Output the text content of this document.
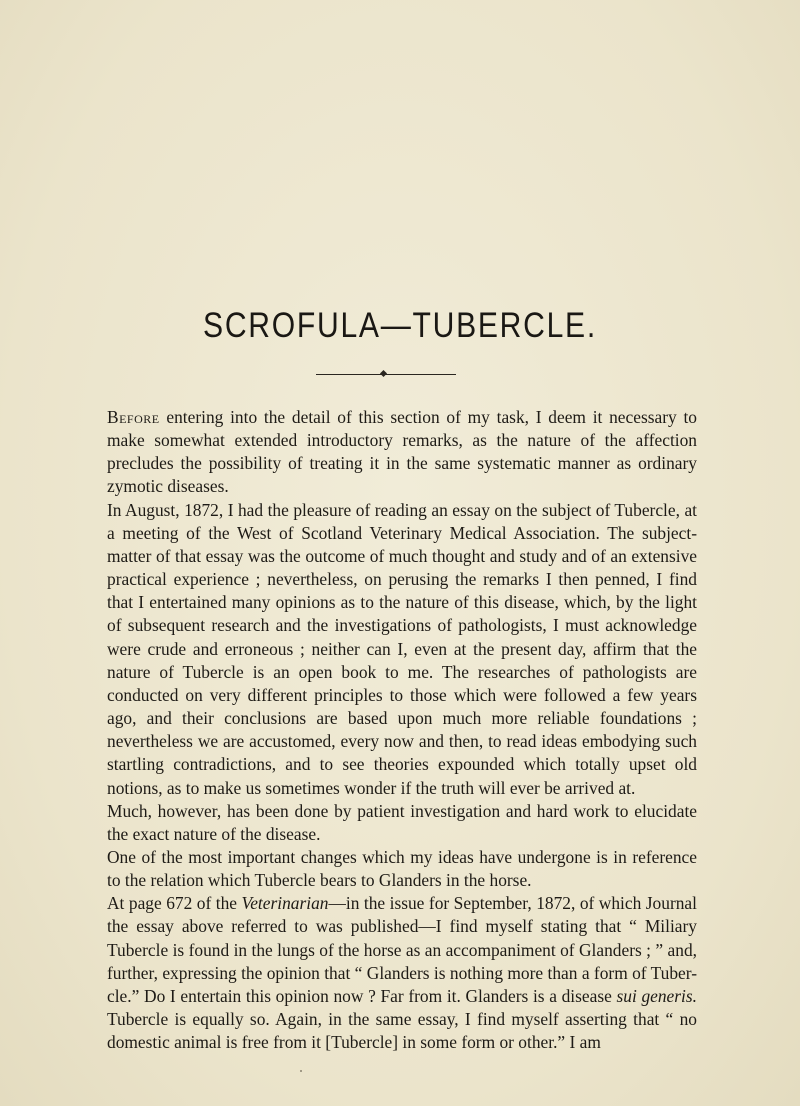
SCROFULA—TUBERCLE.

Before entering into the detail of this section of my task, I deem it necessary to make somewhat extended introductory remarks, as the nature of the affection precludes the possibility of treating it in the same systematic manner as ordinary zymotic diseases.

In August, 1872, I had the pleasure of reading an essay on the subject of Tubercle, at a meeting of the West of Scotland Veterinary Medical Association. The subject-matter of that essay was the outcome of much thought and study and of an extensive practical experience ; nevertheless, on perusing the remarks I then penned, I find that I entertained many opinions as to the nature of this disease, which, by the light of subsequent research and the investigations of pathologists, I must acknowledge were crude and erroneous ; neither can I, even at the present day, affirm that the nature of Tubercle is an open book to me. The researches of pathologists are conducted on very different principles to those which were followed a few years ago, and their conclusions are based upon much more reliable foundations ; nevertheless we are accustomed, every now and then, to read ideas embodying such startling contradictions, and to see theories expounded which totally upset old notions, as to make us sometimes wonder if the truth will ever be arrived at.

Much, however, has been done by patient investigation and hard work to elucidate the exact nature of the disease.

One of the most important changes which my ideas have undergone is in reference to the relation which Tubercle bears to Glanders in the horse.

At page 672 of the Veterinarian—in the issue for September, 1872, of which Journal the essay above referred to was published—I find myself stating that “ Miliary Tubercle is found in the lungs of the horse as an accompaniment of Glanders ; ” and, further, expressing the opinion that “ Glanders is nothing more than a form of Tuber-cle.” Do I entertain this opinion now ? Far from it. Glanders is a disease sui generis. Tubercle is equally so. Again, in the same essay, I find myself asserting that “ no domestic animal is free from it [Tubercle] in some form or other.” I am
